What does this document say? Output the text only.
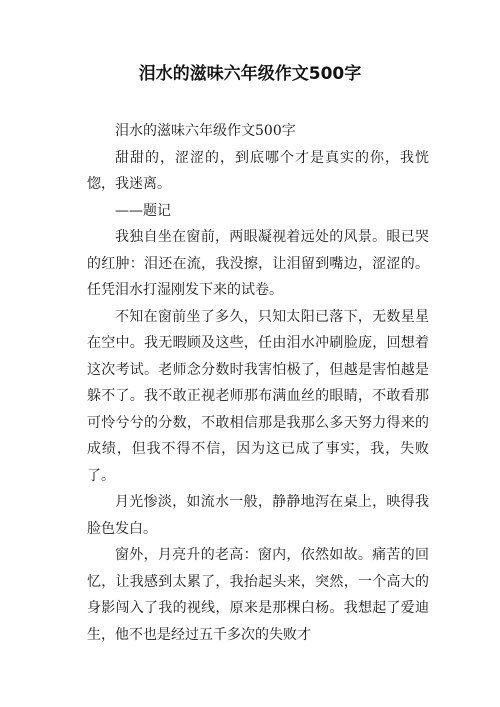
泪水的滋味六年级作文500字

泪水的滋味六年级作文500字

甜甜的，涩涩的，到底哪个才是真实的你，我恍惚，我迷离。

——题记

我独自坐在窗前，两眼凝视着远处的风景。眼已哭的红肿：泪还在流，我没擦，让泪留到嘴边，涩涩的。任凭泪水打湿刚发下来的试卷。

不知在窗前坐了多久，只知太阳已落下，无数星星在空中。我无暇顾及这些，任由泪水冲刷脸庞，回想着这次考试。老师念分数时我害怕极了，但越是害怕越是躲不了。我不敢正视老师那布满血丝的眼睛，不敢看那可怜兮兮的分数，不敢相信那是我那么多天努力得来的成绩，但我不得不信，因为这已成了事实，我，失败了。

月光惨淡，如流水一般，静静地泻在桌上，映得我脸色发白。

窗外，月亮升的老高：窗内，依然如故。痛苦的回忆，让我感到太累了，我抬起头来，突然，一个高大的身影闯入了我的视线，原来是那棵白杨。我想起了爱迪生，他不也是经过五千多次的失败才
